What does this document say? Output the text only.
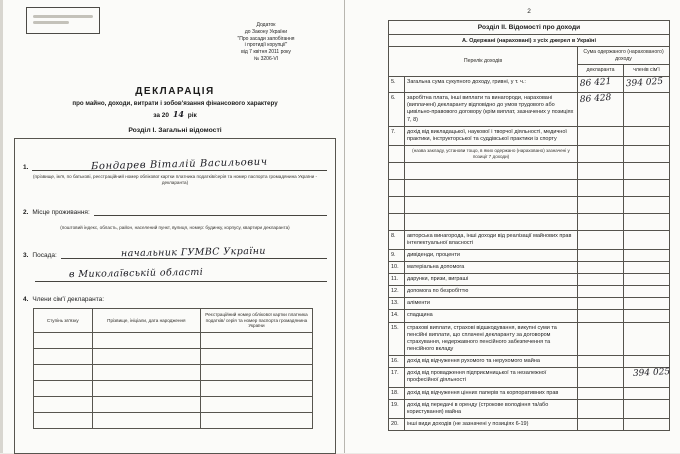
Додаток
до Закону України
"Про засади запобігання
і протидії корупції"
від 7 квітня 2011 року
№ 3206-VI
ДЕКЛАРАЦІЯ
про майно, доходи, витрати і зобов'язання фінансового характеру
за 20 14 рік
Розділ I. Загальні відомості
1.	Бондарев Віталій Васильович
(прізвище, ім'я, по батькові, реєстраційний номер облікової картки платника податків/серія та номер паспорта громадянина України - декларанта)
2. Місце проживання:
(поштовий індекс, область, район, населений пункт, вулиця, номер: будинку, корпусу, квартири декларанта)
3. Посада:	начальник ГУМВС України
в Миколаївській області
4. Члени сім'ї декларанта:
Ступінь зв'язку	Прізвище, ініціали, дата народження	Реєстраційний номер облікової картки платника податків/ серія та номер паспорта громадянина України

2
Розділ II. Відомості про доходи			
А. Одержані (нараховані) з усіх джерел в Україні			
Перелік доходів		Сума одержаного (нарахованого) доходу	
		декларанта	членів сім'ї
5.	Загальна сума сукупного доходу, гривні, у т. ч.:	86 421	394 025
6.	заробітна плата, інші виплати та винагороди, нараховані (виплачені) декларанту відповідно до умов трудового або цивільно-правового договору (крім виплат, зазначених у позиціях 7, 8)	86 428	
7.	дохід від викладацької, наукової і творчої діяльності, медичної практики, інструкторської та суддівської практики із спорту		
	(назва закладу, установи тощо, в яких одержано (нараховано) зазначені у позиції 7 доходи)		

8.	авторська винагорода, інші доходи від реалізації майнових прав інтелектуальної власності		
9.	дивіденди, проценти		
10.	матеріальна допомога		
11.	дарунки, призи, виграші		
12.	допомога по безробіттю		
13.	аліменти		
14.	спадщина		
15.	страхові виплати, страхові відшкодування, викупні суми та пенсійні виплати, що сплачені декларанту за договором страхування, недержавного пенсійного забезпечення та пенсійного вкладу		
16.	дохід від відчуження рухомого та нерухомого майна		
17.	дохід від провадження підприємницької та незалежної професійної діяльності		394 025
18.	дохід від відчуження цінних паперів та корпоративних прав		
19.	дохід від передачі в оренду (строкове володіння та/або користування) майна		
20.	інші види доходів (не зазначені у позиціях 6-19)		
